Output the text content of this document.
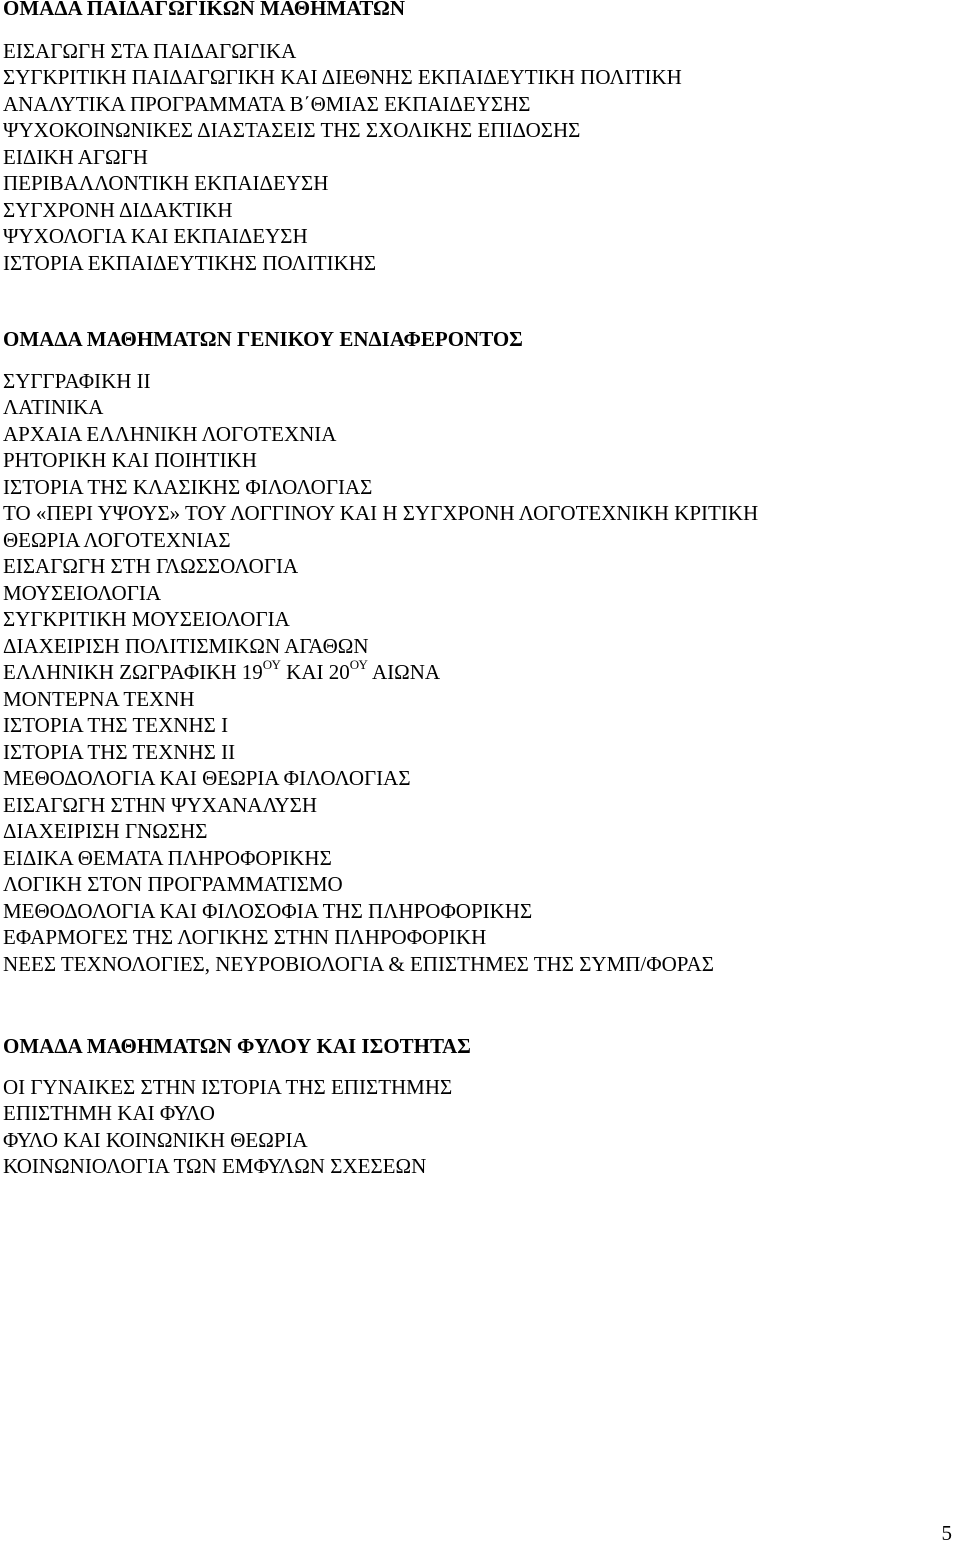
ΟΜΑΔΑ ΠΑΙΔΑΓΩΓΙΚΩΝ ΜΑΘΗΜΑΤΩΝ
ΕΙΣΑΓΩΓΗ ΣΤΑ ΠΑΙΔΑΓΩΓΙΚΑ
ΣΥΓΚΡΙΤΙΚΗ ΠΑΙΔΑΓΩΓΙΚΗ ΚΑΙ ΔΙΕΘΝΗΣ ΕΚΠΑΙΔΕΥΤΙΚΗ ΠΟΛΙΤΙΚΗ
ΑΝΑΛΥΤΙΚΑ ΠΡΟΓΡΑΜΜΑΤΑ Β΄ΘΜΙΑΣ ΕΚΠΑΙΔΕΥΣΗΣ
ΨΥΧΟΚΟΙΝΩΝΙΚΕΣ ΔΙΑΣΤΑΣΕΙΣ ΤΗΣ ΣΧΟΛΙΚΗΣ ΕΠΙΔΟΣΗΣ
ΕΙΔΙΚΗ ΑΓΩΓΗ
ΠΕΡΙΒΑΛΛΟΝΤΙΚΗ ΕΚΠΑΙΔΕΥΣΗ
ΣΥΓΧΡΟΝΗ ΔΙΔΑΚΤΙΚΗ
ΨΥΧΟΛΟΓΙΑ ΚΑΙ ΕΚΠΑΙΔΕΥΣΗ
ΙΣΤΟΡΙΑ ΕΚΠΑΙΔΕΥΤΙΚΗΣ ΠΟΛΙΤΙΚΗΣ
ΟΜΑΔΑ ΜΑΘΗΜΑΤΩΝ ΓΕΝΙΚΟΥ ΕΝΔΙΑΦΕΡΟΝΤΟΣ
ΣΥΓΓΡΑΦΙΚΗ ΙΙ
ΛΑΤΙΝΙΚΑ
ΑΡΧΑΙΑ ΕΛΛΗΝΙΚΗ ΛΟΓΟΤΕΧΝΙΑ
ΡΗΤΟΡΙΚΗ ΚΑΙ ΠΟΙΗΤΙΚΗ
ΙΣΤΟΡΙΑ ΤΗΣ ΚΛΑΣΙΚΗΣ ΦΙΛΟΛΟΓΙΑΣ
ΤΟ «ΠΕΡΙ ΥΨΟΥΣ» ΤΟΥ ΛΟΓΓΙΝΟΥ ΚΑΙ Η ΣΥΓΧΡΟΝΗ ΛΟΓΟΤΕΧΝΙΚΗ ΚΡΙΤΙΚΗ
ΘΕΩΡΙΑ ΛΟΓΟΤΕΧΝΙΑΣ
ΕΙΣΑΓΩΓΗ ΣΤΗ ΓΛΩΣΣΟΛΟΓΙΑ
ΜΟΥΣΕΙΟΛΟΓΙΑ
ΣΥΓΚΡΙΤΙΚΗ ΜΟΥΣΕΙΟΛΟΓΙΑ
ΔΙΑΧΕΙΡΙΣΗ ΠΟΛΙΤΙΣΜΙΚΩΝ ΑΓΑΘΩΝ
ΕΛΛΗΝΙΚΗ ΖΩΓΡΑΦΙΚΗ $19^{O\Upsilon}$ ΚΑΙ $20^{O\Upsilon}$ ΑΙΩΝΑ
ΜΟΝΤΕΡΝΑ ΤΕΧΝΗ
ΙΣΤΟΡΙΑ ΤΗΣ ΤΕΧΝΗΣ Ι
ΙΣΤΟΡΙΑ ΤΗΣ ΤΕΧΝΗΣ ΙΙ
ΜΕΘΟΔΟΛΟΓΙΑ ΚΑΙ ΘΕΩΡΙΑ ΦΙΛΟΛΟΓΙΑΣ
ΕΙΣΑΓΩΓΗ ΣΤΗΝ ΨΥΧΑΝΑΛΥΣΗ
ΔΙΑΧΕΙΡΙΣΗ ΓΝΩΣΗΣ
ΕΙΔΙΚΑ ΘΕΜΑΤΑ ΠΛΗΡΟΦΟΡΙΚΗΣ
ΛΟΓΙΚΗ ΣΤΟΝ ΠΡΟΓΡΑΜΜΑΤΙΣΜΟ
ΜΕΘΟΔΟΛΟΓΙΑ ΚΑΙ ΦΙΛΟΣΟΦΙΑ ΤΗΣ ΠΛΗΡΟΦΟΡΙΚΗΣ
ΕΦΑΡΜΟΓΕΣ ΤΗΣ ΛΟΓΙΚΗΣ ΣΤΗΝ ΠΛΗΡΟΦΟΡΙΚΗ
ΝΕΕΣ ΤΕΧΝΟΛΟΓΙΕΣ, ΝΕΥΡΟΒΙΟΛΟΓΙΑ & ΕΠΙΣΤΗΜΕΣ ΤΗΣ ΣΥΜΠ/ΦΟΡΑΣ
ΟΜΑΔΑ ΜΑΘΗΜΑΤΩΝ ΦΥΛΟΥ ΚΑΙ ΙΣΟΤΗΤΑΣ
ΟΙ ΓΥΝΑΙΚΕΣ ΣΤΗΝ ΙΣΤΟΡΙΑ ΤΗΣ ΕΠΙΣΤΗΜΗΣ
ΕΠΙΣΤΗΜΗ ΚΑΙ ΦΥΛΟ
ΦΥΛΟ ΚΑΙ ΚΟΙΝΩΝΙΚΗ ΘΕΩΡΙΑ
ΚΟΙΝΩΝΙΟΛΟΓΙΑ ΤΩΝ ΕΜΦΥΛΩΝ ΣΧΕΣΕΩΝ
5
